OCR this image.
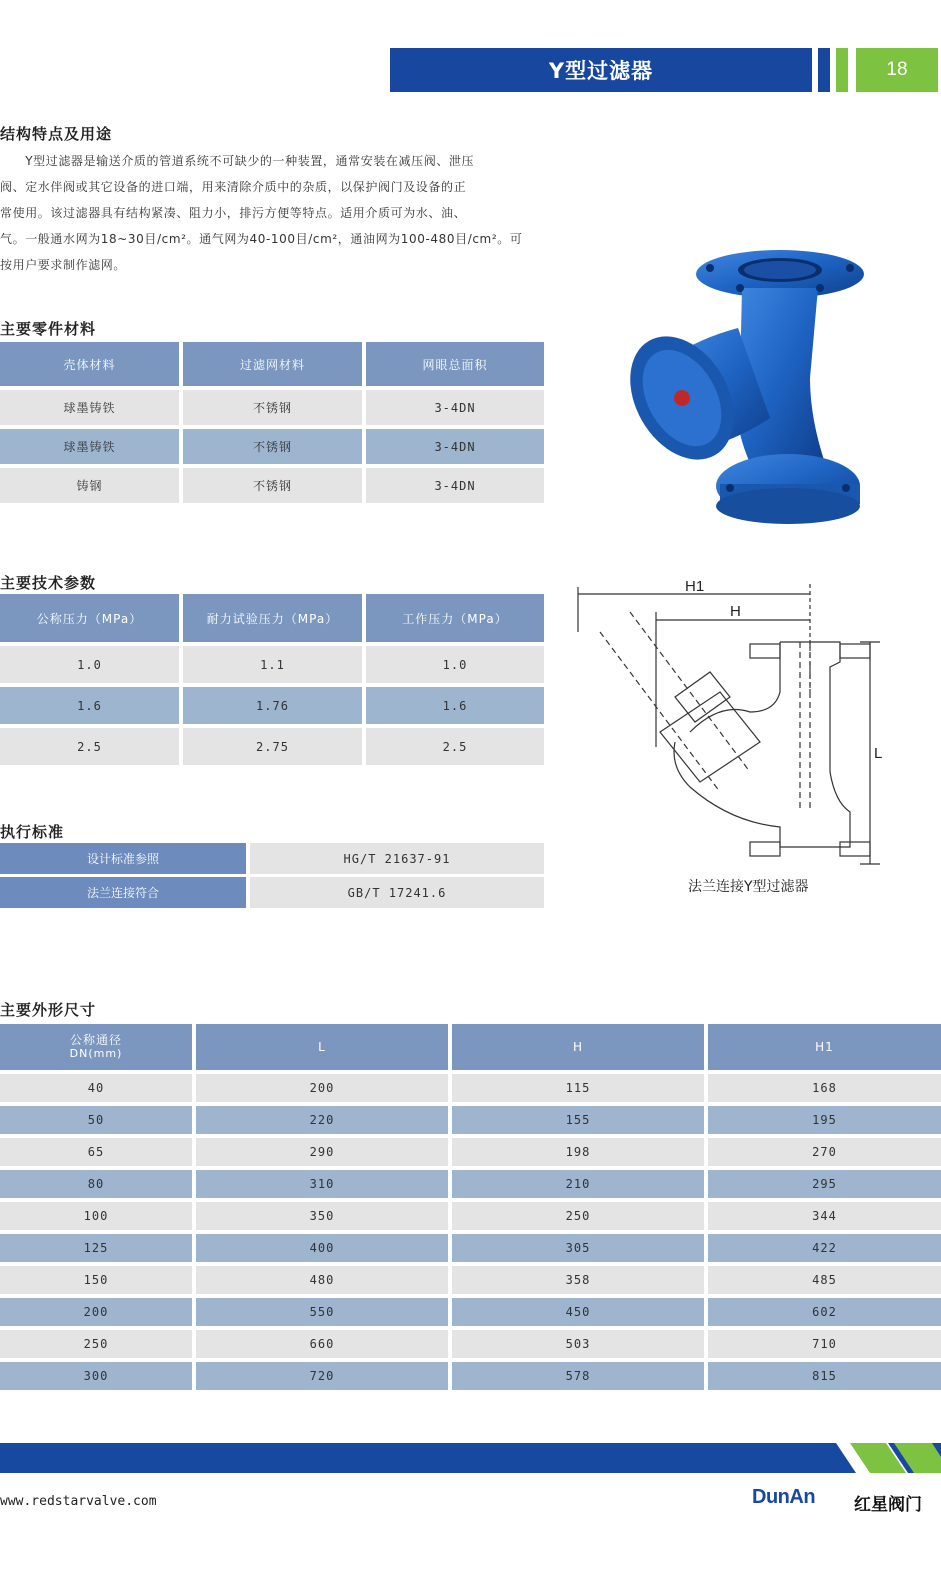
Y型过滤器	18
结构特点及用途

　　Y型过滤器是输送介质的管道系统不可缺少的一种装置，通常安装在减压阀、泄压

阀、定水伴阀或其它设备的进口端，用来清除介质中的杂质，以保护阀门及设备的正

常使用。该过滤器具有结构紧凑、阻力小，排污方便等特点。适用介质可为水、油、

气。一般通水网为18~30目/cm²。通气网为40-100目/cm²，通油网为100-480目/cm²。可

按用户要求制作滤网。

主要零件材料
壳体材料	过滤网材料	网眼总面积
球墨铸铁	不锈钢	3-4DN
球墨铸铁	不锈钢	3-4DN
铸钢	不锈钢	3-4DN
主要技术参数
公称压力（MPa）	耐力试验压力（MPa）	工作压力（MPa）
1.0	1.1	1.0
1.6	1.76	1.6
2.5	2.75	2.5
H1
H
L
法兰连接Y型过滤器
执行标准
设计标准参照	HG/T 21637-91
法兰连接符合	GB/T 17241.6
主要外形尺寸
公称通径
DN(mm)	L	H	H1
40	200	115	168
50	220	155	195
65	290	198	270
80	310	210	295
100	350	250	344
125	400	305	422
150	480	358	485
200	550	450	602
250	660	503	710
300	720	578	815
www.redstarvalve.com	DunAn 红星阀门
